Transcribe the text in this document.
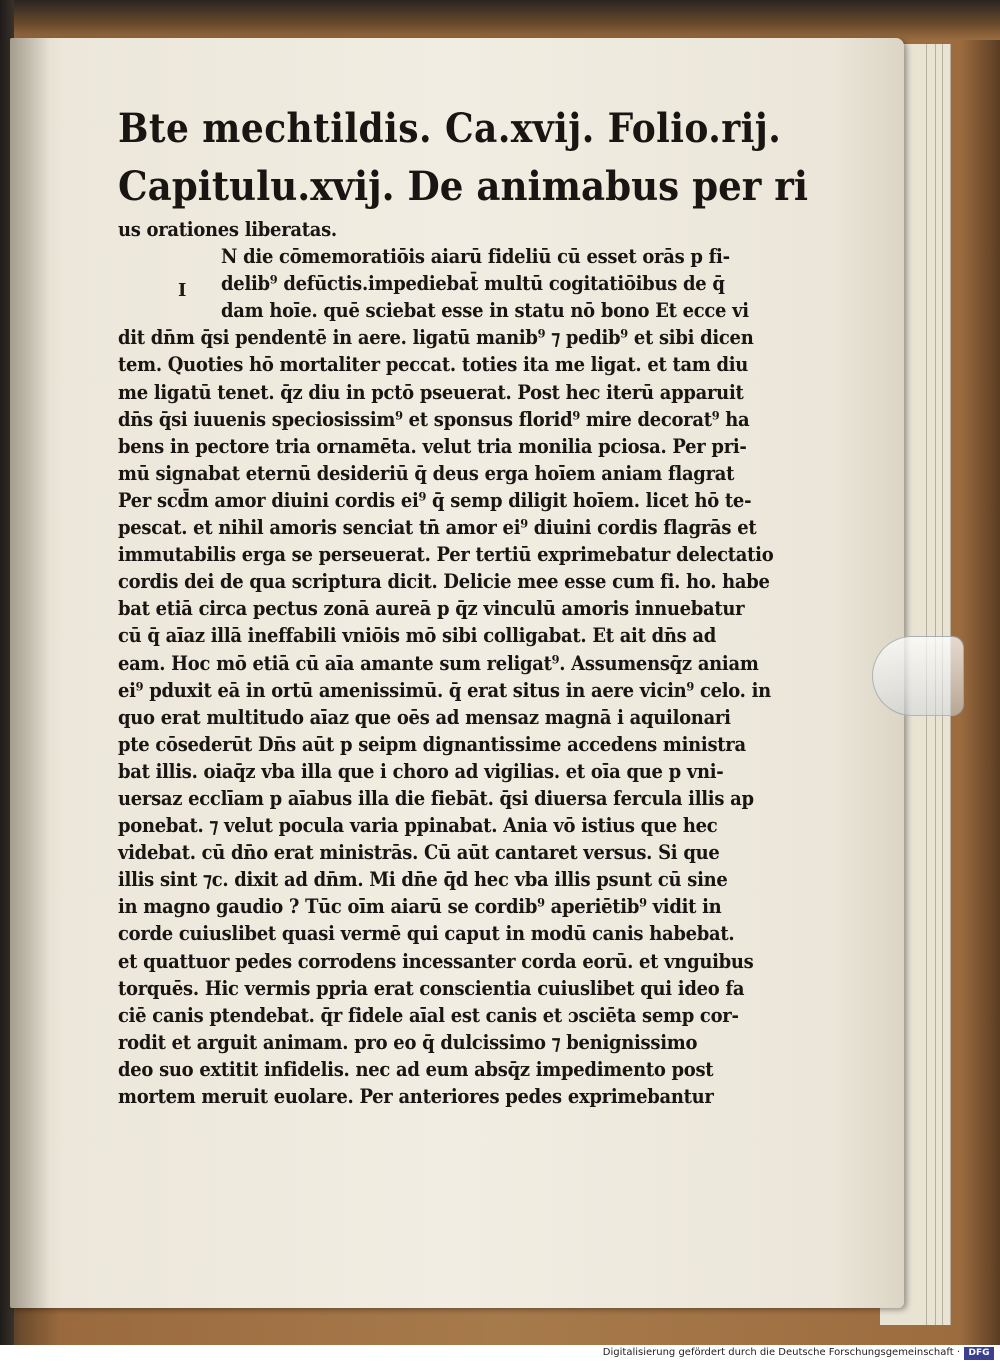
I
Bte mechtildis. Ca.xvij. Folio.rij.
Capitulu.xvij. De animabus per ri
us orationes liberatas.
N die cōmemoratiōis aiarū fideliū cū esset orās p fi-
delib⁹ defūctis.impediebat̄ multū cogitatiōibus de q̄
dam hoīe. quē sciebat esse in statu nō bono Et ecce vi
dit dn̄m q̄si pendentē in aere. ligatū manib⁹ ⁊ pedib⁹ et sibi dicen
tem. Quoties hō mortaliter peccat. toties ita me ligat. et tam diu
me ligatū tenet. q̄z diu in pctō pseuerat. Post hec iterū apparuit
dn̄s q̄si iuuenis speciosissim⁹ et sponsus florid⁹ mire decorat⁹ ha
bens in pectore tria ornamēta. velut tria monilia pciosa. Per pri-
mū signabat eternū desideriū q̄ deus erga hoīem aniam flagrat
Per scd̄m amor diuini cordis ei⁹ q̄ semp diligit hoīem. licet hō te-
pescat. et nihil amoris senciat tn̄ amor ei⁹ diuini cordis flagrās et
immutabilis erga se perseuerat. Per tertiū exprimebatur delectatio
cordis dei de qua scriptura dicit. Delicie mee esse cum fi. ho. habe
bat etiā circa pectus zonā aureā p q̄z vinculū amoris innuebatur
cū q̄ aīaz illā ineffabili vniōis mō sibi colligabat. Et ait dn̄s ad
eam. Hoc mō etiā cū aīa amante sum religat⁹. Assumensq̄z aniam
ei⁹ pduxit eā in ortū amenissimū. q̄ erat situs in aere vicin⁹ celo. in
quo erat multitudo aīaz que oēs ad mensaz magnā i aquilonari
pte cōsederūt Dn̄s aūt p seipm dignantissime accedens ministra
bat illis. oiaq̄z vba illa que i choro ad vigilias. et oīa que p vni-
uersaz ecclīam p aīabus illa die fiebāt. q̄si diuersa fercula illis ap
ponebat. ⁊ velut pocula varia ppinabat. Ania vō istius que hec
videbat. cū dn̄o erat ministrās. Cū aūt cantaret versus. Si que
illis sint ⁊c. dixit ad dn̄m. Mi dn̄e q̄d hec vba illis psunt cū sine
in magno gaudio ? Tūc oīm aiarū se cordib⁹ aperiētib⁹ vidit in
corde cuiuslibet quasi vermē qui caput in modū canis habebat.
et quattuor pedes corrodens incessanter corda eorū. et vnguibus
torquēs. Hic vermis ppria erat conscientia cuiuslibet qui ideo fa
ciē canis ptendebat. q̄r fidele aīal est canis et ɔsciēta semp cor-
rodit et arguit animam. pro eo q̄ dulcissimo ⁊ benignissimo
deo suo extitit infidelis. nec ad eum absq̄z impedimento post
mortem meruit euolare. Per anteriores pedes exprimebantur
Digitalisierung gefördert durch die Deutsche Forschungsgemeinschaft · DFG
